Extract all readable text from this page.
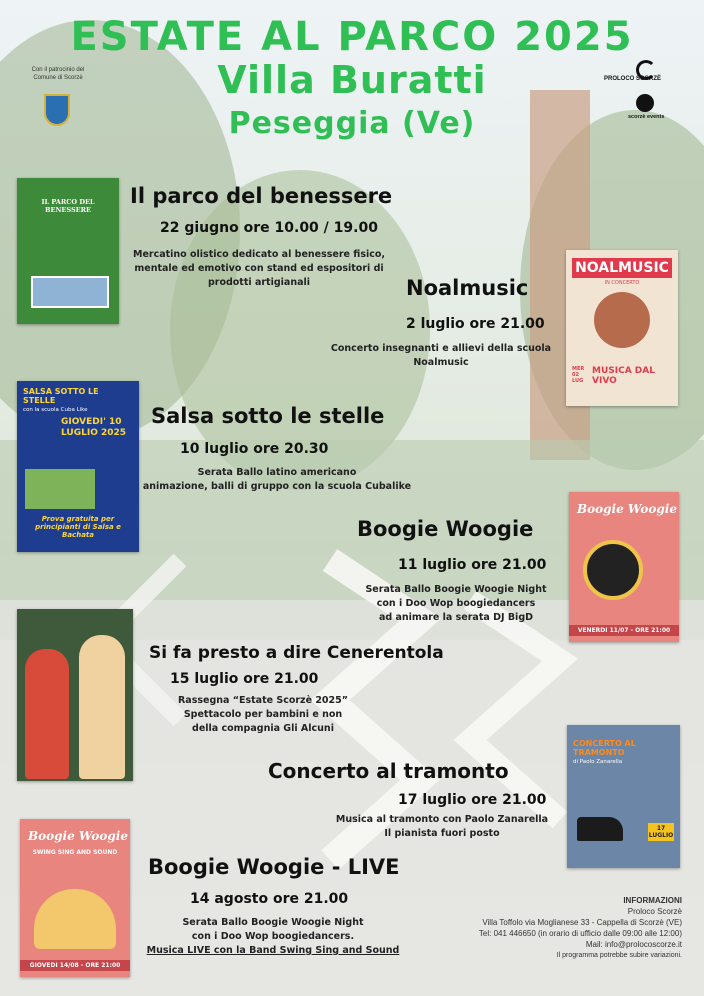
ESTATE AL PARCO 2025
Villa Buratti
Peseggia (Ve)
Con il patrocinio del Comune di Scorzè	PROLOCO SCORZÈ
scorzè events
IL PARCO DEL BENESSERE
Il parco del benessere
22 giugno ore 10.00 / 19.00
Mercatino olistico dedicato al benessere fisico,
mentale ed emotivo con stand ed espositori di
prodotti artigianali	Noalmusic
2 luglio ore 21.00
Concerto insegnanti e allievi della scuola
Noalmusic
NOALMUSIC
IN CONCERTO
MER 02 LUG
MUSICA DAL VIVO
SALSA SOTTO LE STELLE
con la scuola Cuba Like
GIOVEDI' 10 LUGLIO 2025
Prova gratuita per principianti di Salsa e Bachata
Salsa sotto le stelle
10 luglio ore 20.30
Serata Ballo latino americano
animazione, balli di gruppo con la scuola Cubalike
Boogie Woogie
11 luglio ore 21.00
Serata Ballo Boogie Woogie Night
con i Doo Wop boogiedancers
ad animare la serata DJ BigD
Boogie Woogie
VENERDI 11/07 - ORE 21:00
Si fa presto a dire Cenerentola
15 luglio ore 21.00
Rassegna “Estate Scorzè 2025”
Spettacolo per bambini e non
della compagnia Gli Alcuni
Concerto al tramonto
17 luglio ore 21.00
Musica al tramonto con Paolo Zanarella
Il pianista fuori posto
CONCERTO AL TRAMONTO
di Paolo Zanarella
17 LUGLIO
Boogie Woogie
SWING SING AND SOUND
GIOVEDI 14/08 - ORE 21:00
Boogie Woogie - LIVE
14 agosto ore 21.00
Serata Ballo Boogie Woogie Night
con i Doo Wop boogiedancers.
Musica LIVE con la Band Swing Sing and Sound
INFORMAZIONI
Proloco Scorzè
Villa Toffolo via Moglianese 33 - Cappella di Scorzè (VE)
Tel: 041 446650 (in orario di ufficio dalle 09:00 alle 12:00)
Mail: info@prolocoscorze.it
Il programma potrebbe subire variazioni.
